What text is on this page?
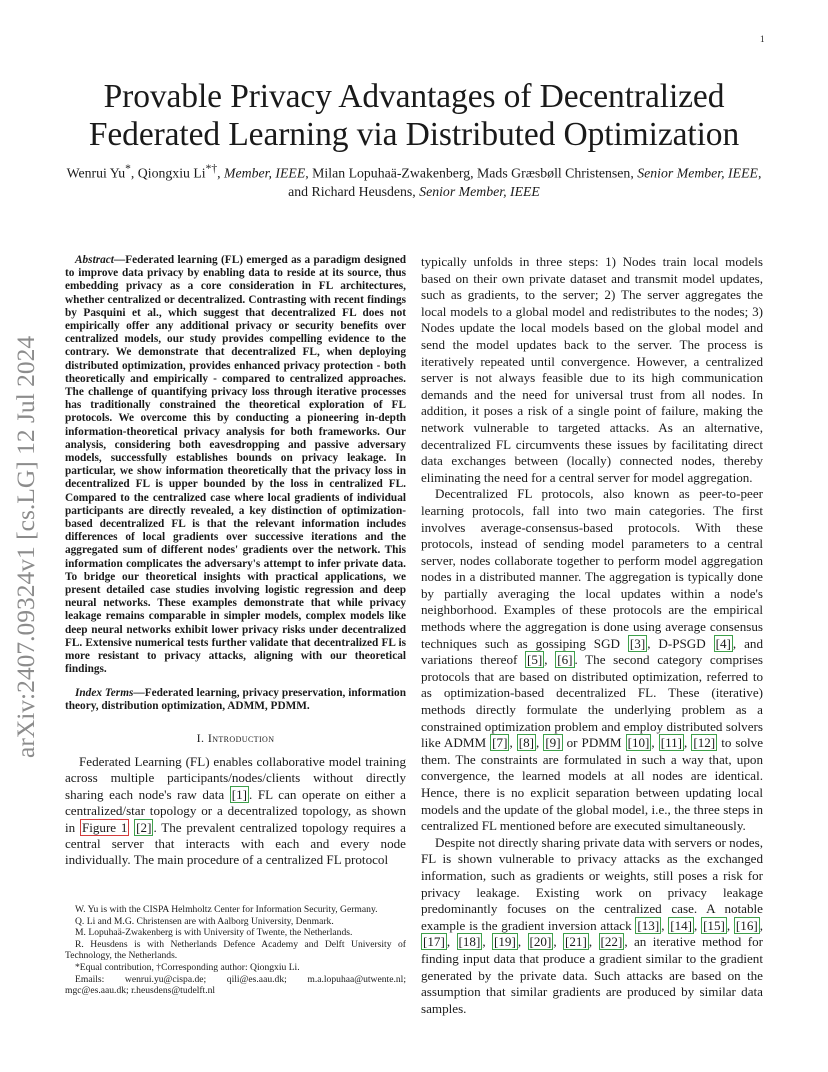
1
arXiv:2407.09324v1 [cs.LG] 12 Jul 2024
Provable Privacy Advantages of Decentralized
Federated Learning via Distributed Optimization
Wenrui Yu*, Qiongxiu Li*†, Member, IEEE, Milan Lopuhaä-Zwakenberg, Mads Græsbøll Christensen, Senior Member, IEEE, and Richard Heusdens, Senior Member, IEEE

Abstract—Federated learning (FL) emerged as a paradigm designed to improve data privacy by enabling data to reside at its source, thus embedding privacy as a core consideration in FL architectures, whether centralized or decentralized. Contrasting with recent findings by Pasquini et al., which suggest that decentralized FL does not empirically offer any additional privacy or security benefits over centralized models, our study provides compelling evidence to the contrary. We demonstrate that decentralized FL, when deploying distributed optimization, provides enhanced privacy protection - both theoretically and empirically - compared to centralized approaches. The challenge of quantifying privacy loss through iterative processes has traditionally constrained the theoretical exploration of FL protocols. We overcome this by conducting a pioneering in-depth information-theoretical privacy analysis for both frameworks. Our analysis, considering both eavesdropping and passive adversary models, successfully establishes bounds on privacy leakage. In particular, we show information theoretically that the privacy loss in decentralized FL is upper bounded by the loss in centralized FL. Compared to the centralized case where local gradients of individual participants are directly revealed, a key distinction of optimization-based decentralized FL is that the relevant information includes differences of local gradients over successive iterations and the aggregated sum of different nodes' gradients over the network. This information complicates the adversary's attempt to infer private data. To bridge our theoretical insights with practical applications, we present detailed case studies involving logistic regression and deep neural networks. These examples demonstrate that while privacy leakage remains comparable in simpler models, complex models like deep neural networks exhibit lower privacy risks under decentralized FL. Extensive numerical tests further validate that decentralized FL is more resistant to privacy attacks, aligning with our theoretical findings.

Index Terms—Federated learning, privacy preservation, information theory, distribution optimization, ADMM, PDMM.

I. Introduction

Federated Learning (FL) enables collaborative model training across multiple participants/nodes/clients without directly sharing each node's raw data [1] . FL can operate on either a centralized/star topology or a decentralized topology, as shown in Figure 1 [2] . The prevalent centralized topology requires a central server that interacts with each and every node individually. The main procedure of a centralized FL protocol

W. Yu is with the CISPA Helmholtz Center for Information Security, Germany.
Q. Li and M.G. Christensen are with Aalborg University, Denmark.
M. Lopuhaä-Zwakenberg is with University of Twente, the Netherlands.
R. Heusdens is with Netherlands Defence Academy and Delft University of Technology, the Netherlands.
*Equal contribution, †Corresponding author: Qiongxiu Li.
Emails: wenrui.yu@cispa.de; qili@es.aau.dk; m.a.lopuhaa@utwente.nl; mgc@es.aau.dk; r.heusdens@tudelft.nl

typically unfolds in three steps: 1) Nodes train local models based on their own private dataset and transmit model updates, such as gradients, to the server; 2) The server aggregates the local models to a global model and redistributes to the nodes; 3) Nodes update the local models based on the global model and send the model updates back to the server. The process is iteratively repeated until convergence. However, a centralized server is not always feasible due to its high communication demands and the need for universal trust from all nodes. In addition, it poses a risk of a single point of failure, making the network vulnerable to targeted attacks. As an alternative, decentralized FL circumvents these issues by facilitating direct data exchanges between (locally) connected nodes, thereby eliminating the need for a central server for model aggregation.

Decentralized FL protocols, also known as peer-to-peer learning protocols, fall into two main categories. The first involves average-consensus-based protocols. With these protocols, instead of sending model parameters to a central server, nodes collaborate together to perform model aggregation nodes in a distributed manner. The aggregation is typically done by partially averaging the local updates within a node's neighborhood. Examples of these protocols are the empirical methods where the aggregation is done using average consensus techniques such as gossiping SGD [3] , D-PSGD [4] , and variations thereof [5] , [6] . The second category comprises protocols that are based on distributed optimization, referred to as optimization-based decentralized FL. These (iterative) methods directly formulate the underlying problem as a constrained optimization problem and employ distributed solvers like ADMM [7] , [8] , [9] or PDMM [10] , [11] , [12] to solve them. The constraints are formulated in such a way that, upon convergence, the learned models at all nodes are identical. Hence, there is no explicit separation between updating local models and the update of the global model, i.e., the three steps in centralized FL mentioned before are executed simultaneously.

Despite not directly sharing private data with servers or nodes, FL is shown vulnerable to privacy attacks as the exchanged information, such as gradients or weights, still poses a risk for privacy leakage. Existing work on privacy leakage predominantly focuses on the centralized case. A notable example is the gradient inversion attack [13] , [14] , [15] , [16] , [17] , [18] , [19] , [20] , [21] , [22] , an iterative method for finding input data that produce a gradient similar to the gradient generated by the private data. Such attacks are based on the assumption that similar gradients are produced by similar data samples.
